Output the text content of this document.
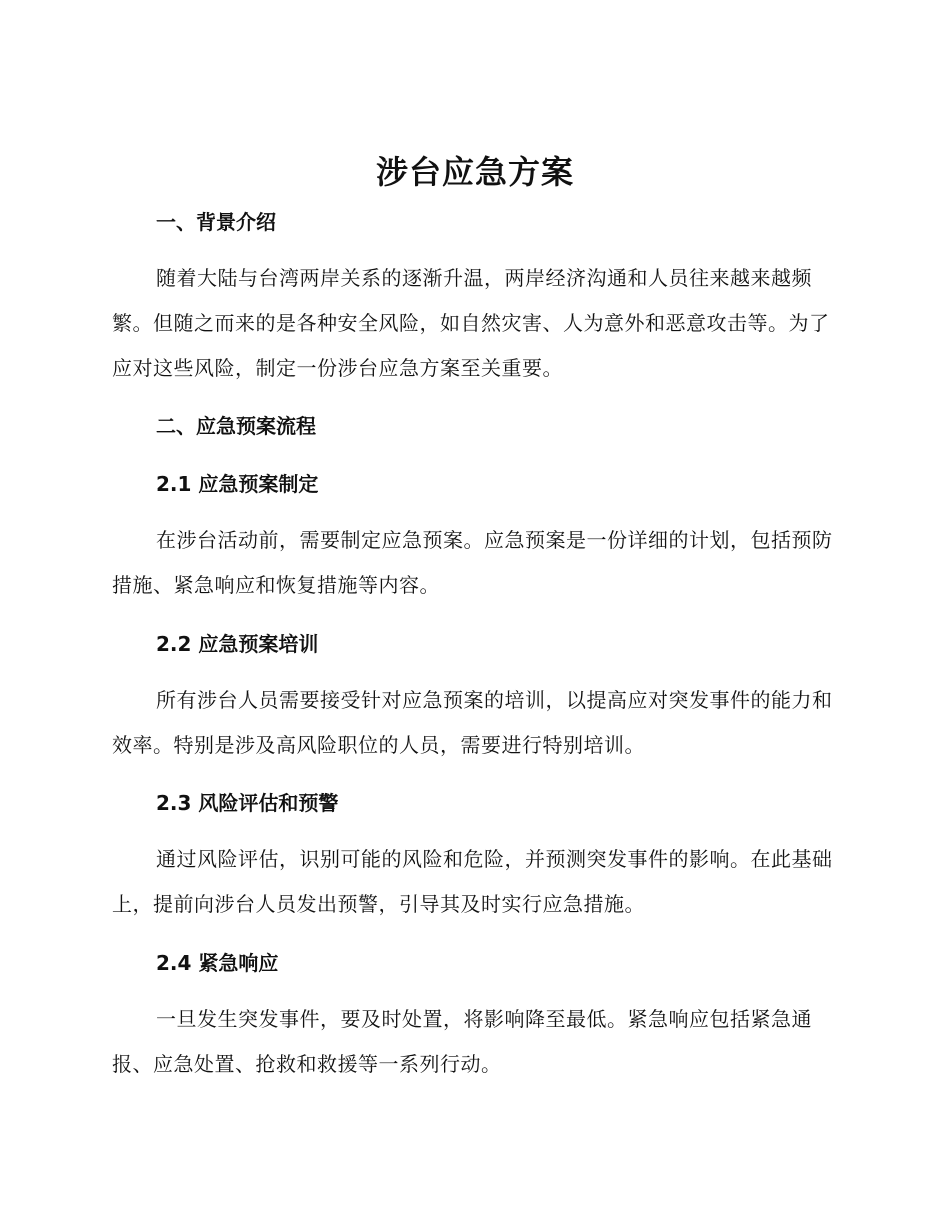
涉台应急方案
一、背景介绍
随着大陆与台湾两岸关系的逐渐升温，两岸经济沟通和人员往来越来越频繁。但随之而来的是各种安全风险，如自然灾害、人为意外和恶意攻击等。为了应对这些风险，制定一份涉台应急方案至关重要。
二、应急预案流程
2.1 应急预案制定
在涉台活动前，需要制定应急预案。应急预案是一份详细的计划，包括预防措施、紧急响应和恢复措施等内容。
2.2 应急预案培训
所有涉台人员需要接受针对应急预案的培训，以提高应对突发事件的能力和效率。特别是涉及高风险职位的人员，需要进行特别培训。
2.3 风险评估和预警
通过风险评估，识别可能的风险和危险，并预测突发事件的影响。在此基础上，提前向涉台人员发出预警，引导其及时实行应急措施。
2.4 紧急响应
一旦发生突发事件，要及时处置，将影响降至最低。紧急响应包括紧急通报、应急处置、抢救和救援等一系列行动。
